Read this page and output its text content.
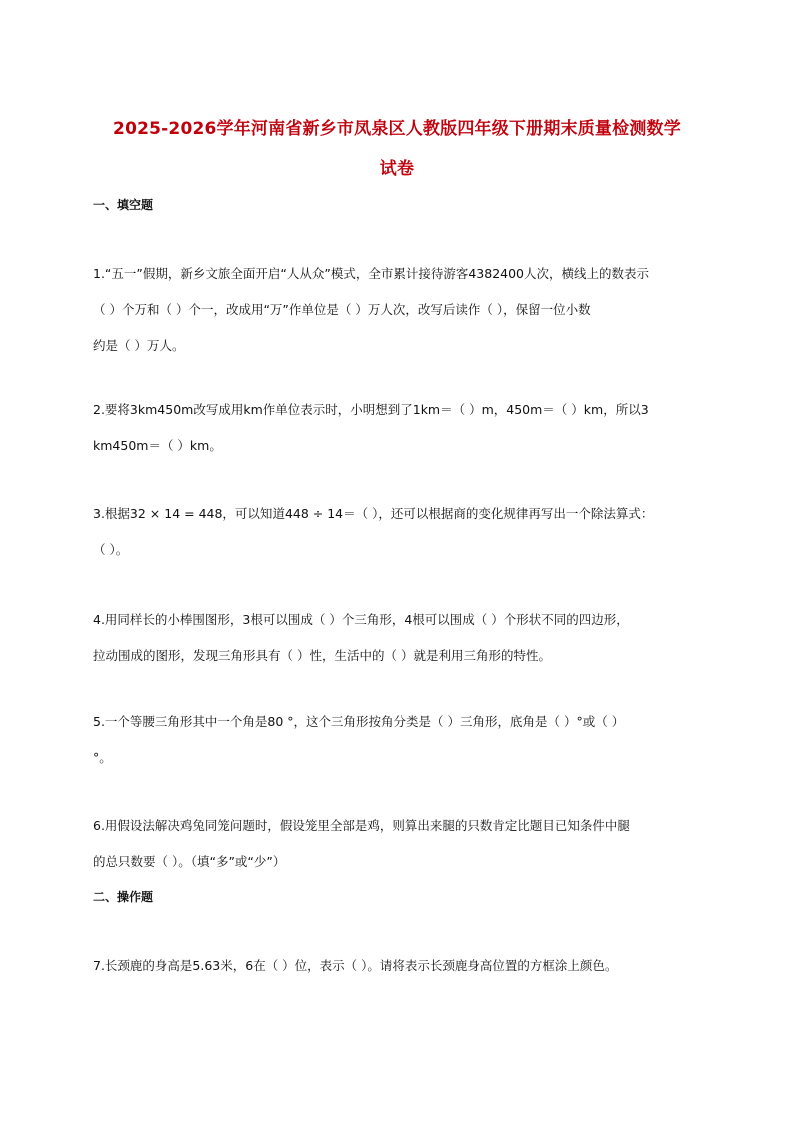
2025-2026学年河南省新乡市凤泉区人教版四年级下册期末质量检测数学
试卷
一、填空题
1.“五一”假期，新乡文旅全面开启“人从众”模式，全市累计接待游客4382400人次，横线上的数表示
（ ）个万和（ ）个一，改成用“万”作单位是（ ）万人次，改写后读作（ ），保留一位小数
约是（ ）万人。
2.要将3km450m改写成用km作单位表示时，小明想到了1km＝（ ）m，450m＝（ ）km，所以3
km450m＝（ ）km。
3.根据32 × 14 = 448，可以知道448 ÷ 14＝（ ），还可以根据商的变化规律再写出一个除法算式：
（ ）。
4.用同样长的小棒围图形，3根可以围成（ ）个三角形，4根可以围成（ ）个形状不同的四边形，
拉动围成的图形，发现三角形具有（ ）性，生活中的（ ）就是利用三角形的特性。
5.一个等腰三角形其中一个角是80 °，这个三角形按角分类是（ ）三角形，底角是（ ）°或（ ）
°。
6.用假设法解决鸡兔同笼问题时，假设笼里全部是鸡，则算出来腿的只数肯定比题目已知条件中腿
的总只数要（ ）。（填“多”或“少”）
二、操作题
7.长颈鹿的身高是5.63米，6在（ ）位，表示（ ）。请将表示长颈鹿身高位置的方框涂上颜色。
